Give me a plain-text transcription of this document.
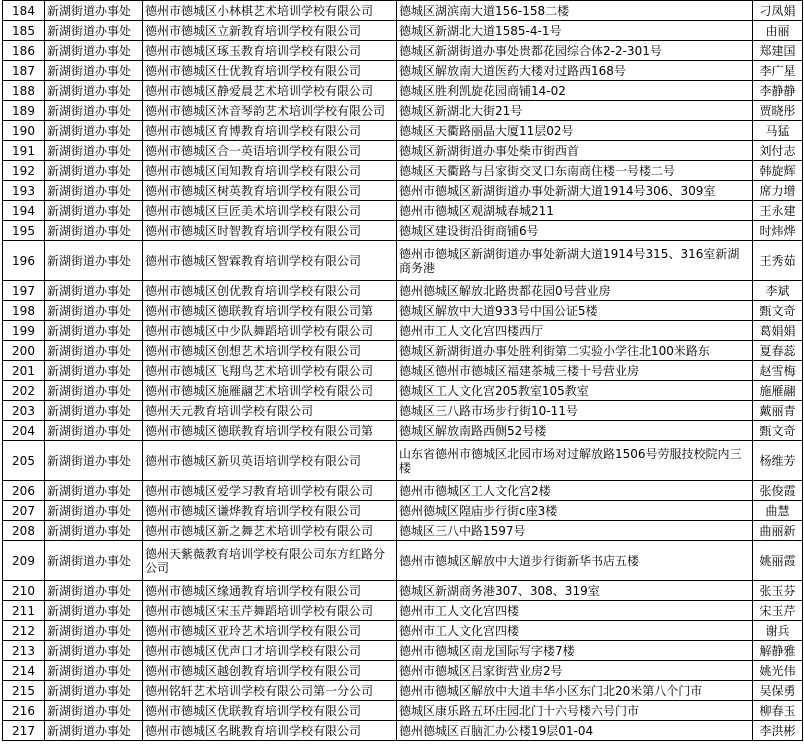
184	新湖街道办事处	德州市德城区小林棋艺术培训学校有限公司	德城区湖滨南大道156-158二楼	刁凤娟
185	新湖街道办事处	德州市德城区立新教育培训学校有限公司	德城区新湖北大道1585-4-1号	由丽
186	新湖街道办事处	德州市德城区琢玉教育培训学校有限公司	德城区新湖街道办事处贵都花园综合体2-2-301号	郑建国
187	新湖街道办事处	德州市德城区仕优教育培训学校有限公司	德城区解放南大道医药大楼对过路西168号	李广星
188	新湖街道办事处	德州市德城区静爱晨艺术培训学校有限公司	德城区胜利凯旋花园商铺14-02	李静静
189	新湖街道办事处	德州市德城区沐音琴韵艺术培训学校有限公司	德城区新湖北大街21号	贾晓彤
190	新湖街道办事处	德州市德城区育博教育培训学校有限公司	德城区天衢路丽晶大厦11层02号	马猛
191	新湖街道办事处	德州市德城区合一英语培训学校有限公司	德城区新湖街道办事处柴市街西首	刘付志
192	新湖街道办事处	德州市德城区闰知教育培训学校有限公司	德城区天衢路与吕家街交叉口东南商住楼一号楼二号	韩旋辉
193	新湖街道办事处	德州市德城区树英教育培训学校有限公司	德州市德城区新湖街道办事处新湖大道1914号306、309室	席力增
194	新湖街道办事处	德州市德城区巨匠美术培训学校有限公司	德州市德城区观湖城春城211	王永建
195	新湖街道办事处	德州市德城区时智教育培训学校有限公司	德城区建设街沿街商铺6号	时炜烨
196	新湖街道办事处	德州市德城区智霖教育培训学校有限公司	德州市德城区新湖街道办事处新湖大道1914号315、316室新湖商务港	王秀茹
197	新湖街道办事处	德州市德城区创优教育培训学校有限公司	德州德城区解放北路贵都花园0号营业房	李斌
198	新湖街道办事处	德州市德城区德联教育培训学校有限公司第	德城区解放中大道933号中国公证5楼	甄文奇
199	新湖街道办事处	德州市德城区中少队舞蹈培训学校有限公司	德州市工人文化宫四楼西厅	葛娟娟
200	新湖街道办事处	德州市德城区创想艺术培训学校有限公司	德城区新湖街道办事处胜利街第二实验小学往北100米路东	夏春蕊
201	新湖街道办事处	德州市德城区飞翔鸟艺术培训学校有限公司	德城区德州市德城区福建茶城三楼十号营业房	赵雪梅
202	新湖街道办事处	德州市德城区施雁翮艺术培训学校有限公司	德城区工人文化宫205教室105教室	施雁翮
203	新湖街道办事处	德州天元教育培训学校有限公司	德城区三八路市场步行街10-11号	戴丽青
204	新湖街道办事处	德州市德城区德联教育培训学校有限公司第	德城区解放南路西侧52号楼	甄文奇
205	新湖街道办事处	德州市德城区新贝英语培训学校有限公司	山东省德州市德城区北园市场对过解放路1506号劳服技校院内三楼	杨维芳
206	新湖街道办事处	德州市德城区爱学习教育培训学校有限公司	德州市德城区工人文化宫2楼	张俊霞
207	新湖街道办事处	德州市德城区谦烨教育培训学校有限公司	德州德城区隍庙步行街c座3楼	曲慧
208	新湖街道办事处	德州市德城区新之舞艺术培训学校有限公司	德城区三八中路1597号	曲丽新
209	新湖街道办事处	德州天紫薇教育培训学校有限公司东方红路分公司	德州市德城区解放中大道步行街新华书店五楼	姚丽霞
210	新湖街道办事处	德州市德城区缘通教育培训学校有限公司	德城区新湖商务港307、308、319室	张玉芬
211	新湖街道办事处	德州市德城区宋玉芹舞蹈培训学校有限公司	德州市工人文化宫四楼	宋玉芹
212	新湖街道办事处	德州市德城区亚玲艺术培训学校有限公司	德州市工人文化宫四楼	谢兵
213	新湖街道办事处	德州市德城区优声口才培训学校有限公司	德州市德城区南龙国际写字楼7楼	解静雅
214	新湖街道办事处	德州市德城区越创教育培训学校有限公司	德州市德城区吕家街营业房2号	姚光伟
215	新湖街道办事处	德州铭轩艺术培训学校有限公司第一分公司	德州市德城区解放中大道丰华小区东门北20米第八个门市	吴保勇
216	新湖街道办事处	德州市德城区优联教育培训学校有限公司	德城区康乐路五环庄园北门十六号楼六号门市	柳春玉
217	新湖街道办事处	德州市德城区名眺教育培训学校有限公司	德州德城区百脑汇办公楼19层01-04	李洪彬
